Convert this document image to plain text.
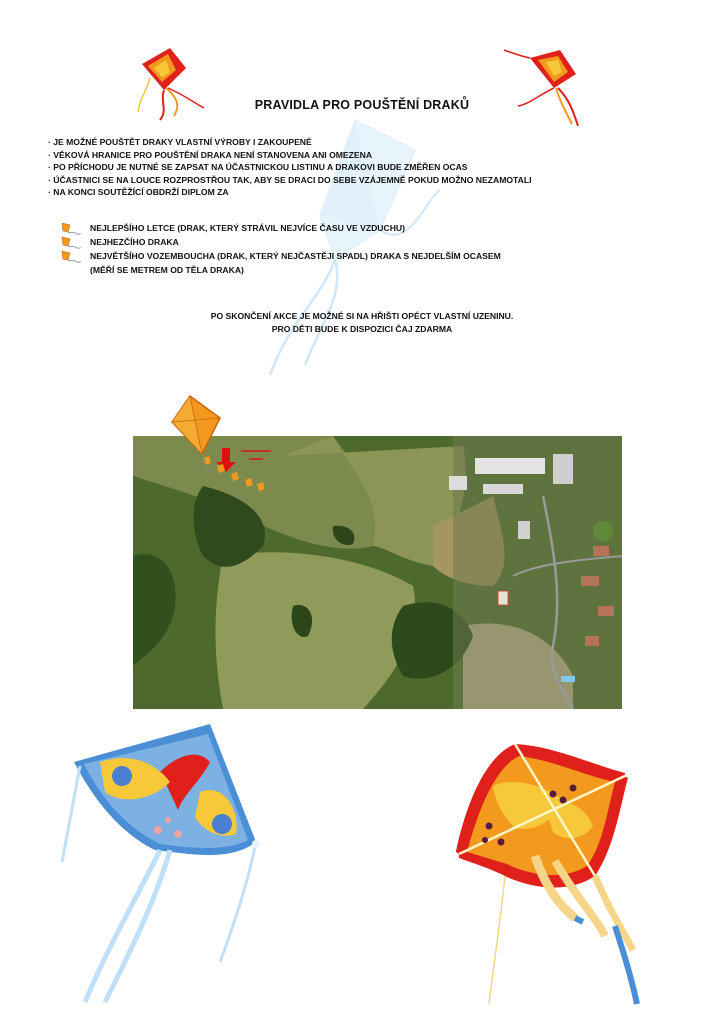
PRAVIDLA PRO POUŠTĚNÍ DRAKŮ
· JE MOŽNÉ POUŠTĚT DRAKY VLASTNÍ VÝROBY I ZAKOUPENÉ
· VĚKOVÁ HRANICE PRO POUŠTĚNÍ DRAKA NENÍ STANOVENA ANI OMEZENA
· PO PŘÍCHODU JE NUTNÉ SE ZAPSAT NA ÚČASTNICKOU LISTINU A DRAKOVI BUDE ZMĚŘEN OCAS
· ÚČASTNICI SE NA LOUCE ROZPROSTŘOU TAK, ABY SE DRACI DO SEBE VZÁJEMNĚ POKUD MOŽNO NEZAMOTALI
· NA KONCI SOUTĚŽÍCÍ OBDRŽÍ DIPLOM ZA
NEJLEPŠÍHO LETCE (DRAK, KTERÝ STRÁVIL NEJVÍCE ČASU VE VZDUCHU)
NEJHEZČÍHO DRAKA
NEJVĚTŠÍHO VOZEMBOUCHA (DRAK, KTERÝ NEJČASTĚJI SPADL) DRAKA S NEJDELŠÍM OCASEM
(MĚŘÍ SE METREM OD TĚLA DRAKA)
PO SKONČENÍ AKCE JE MOŽNÉ SI NA HŘIŠTI OPÉCT VLASTNÍ UZENINU.
PRO DĚTI BUDE K DISPOZICI ČAJ ZDARMA
